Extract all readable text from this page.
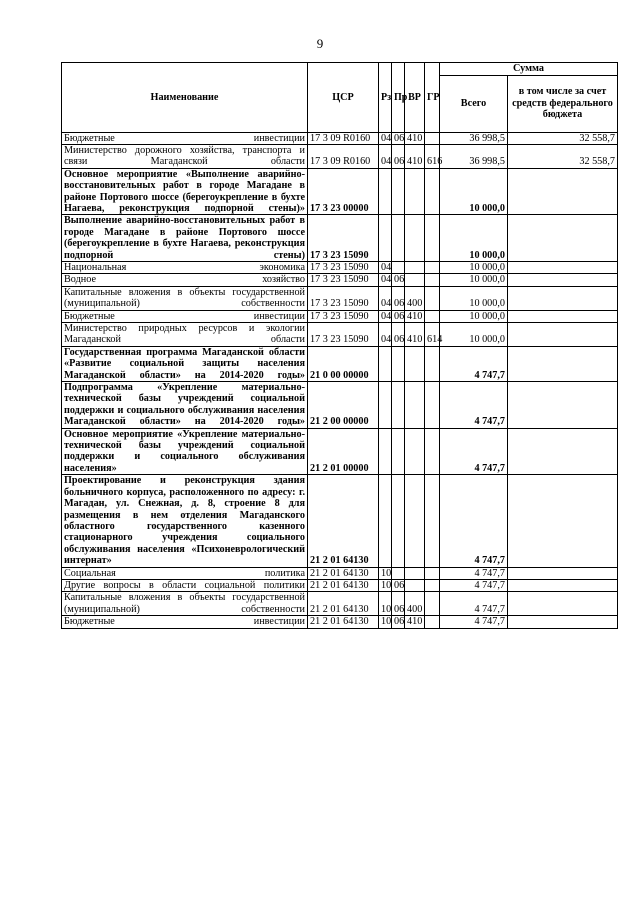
9
Наименование	ЦСР	Рз	Пр	ВР	ГР	Сумма	
						Всего	в том числе за счет средств федерального бюджета
Бюджетные инвестиции	17 3 09 R0160	04	06	410		36 998,5	32 558,7
Министерство дорожного хозяйства, транспорта и связи Магаданской области	17 3 09 R0160	04	06	410	616	36 998,5	32 558,7
Основное мероприятие «Выполнение аварийно-восстановительных работ в городе Магадане в районе Портового шоссе (берегоукрепление в бухте Нагаева, реконструкция подпорной стены)»	17 3 23 00000					10 000,0	
Выполнение аварийно-восстановительных работ в городе Магадане в районе Портового шоссе (берегоукрепление в бухте Нагаева, реконструкция подпорной стены)	17 3 23 15090					10 000,0	
Национальная экономика	17 3 23 15090	04				10 000,0	
Водное хозяйство	17 3 23 15090	04	06			10 000,0	
Капитальные вложения в объекты государственной (муниципальной) собственности	17 3 23 15090	04	06	400		10 000,0	
Бюджетные инвестиции	17 3 23 15090	04	06	410		10 000,0	
Министерство природных ресурсов и экологии Магаданской области	17 3 23 15090	04	06	410	614	10 000,0	
Государственная программа Магаданской области «Развитие социальной защиты населения Магаданской области» на 2014-2020 годы»	21 0 00 00000					4 747,7	
Подпрограмма «Укрепление материально-технической базы учреждений социальной поддержки и социального обслуживания населения Магаданской области» на 2014-2020 годы»	21 2 00 00000					4 747,7	
Основное мероприятие «Укрепление материально-технической базы учреждений социальной поддержки и социального обслуживания населения»	21 2 01 00000					4 747,7	
Проектирование и реконструкция здания больничного корпуса, расположенного по адресу: г. Магадан, ул. Снежная, д. 8, строение 8 для размещения в нем отделения Магаданского областного государственного казенного стационарного учреждения социального обслуживания населения «Психоневрологический интернат»	21 2 01 64130					4 747,7	
Социальная политика	21 2 01 64130	10				4 747,7	
Другие вопросы в области социальной политики	21 2 01 64130	10	06			4 747,7	
Капитальные вложения в объекты государственной (муниципальной) собственности	21 2 01 64130	10	06	400		4 747,7	
Бюджетные инвестиции	21 2 01 64130	10	06	410		4 747,7	
